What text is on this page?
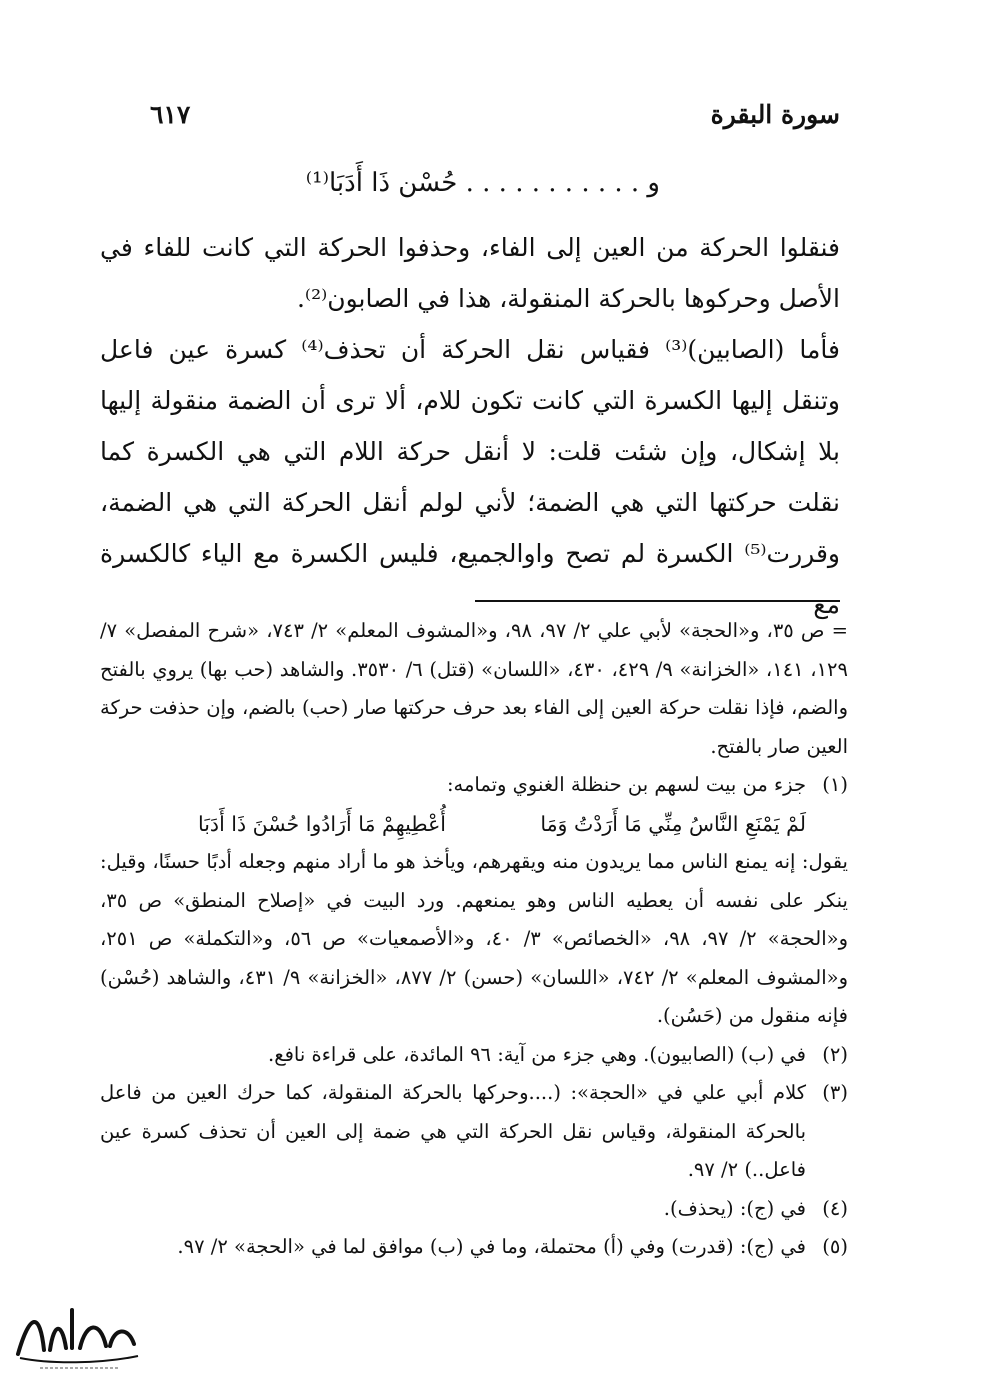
سورة البقرة
٦١٧
و . . . . . . . . . . . حُسْن ذَا أَدَبَا⁽¹⁾

فنقلوا الحركة من العين إلى الفاء، وحذفوا الحركة التي كانت للفاء في الأصل وحركوها بالحركة المنقولة، هذا في الصابون⁽²⁾.

فأما (الصابين)⁽³⁾ فقياس نقل الحركة أن تحذف⁽⁴⁾ كسرة عين فاعل وتنقل إليها الكسرة التي كانت تكون للام، ألا ترى أن الضمة منقولة إليها بلا إشكال، وإن شئت قلت: لا أنقل حركة اللام التي هي الكسرة كما نقلت حركتها التي هي الضمة؛ لأني لولم أنقل الحركة التي هي الضمة، وقررت⁽⁵⁾ الكسرة لم تصح واوالجميع، فليس الكسرة مع الياء كالكسرة مع

= ص ٣٥، و«الحجة» لأبي علي ٢/ ٩٧، ٩٨، و«المشوف المعلم» ٢/ ٧٤٣، «شرح المفصل» ٧/ ١٢٩، ١٤١، «الخزانة» ٩/ ٤٢٩، ٤٣٠، «اللسان» (قتل) ٦/ ٣٥٣٠. والشاهد (حب بها) يروي بالفتح والضم، فإذا نقلت حركة العين إلى الفاء بعد حرف حركتها صار (حب) بالضم، وإن حذفت حركة العين صار بالفتح.

(١)

جزء من بيت لسهم بن حنظلة الغنوي وتمامه:

لَمْ يَمْنَعِ النَّاسُ مِنِّي مَا أَرَدْتُ وَمَاأُعْطِيهِمْ مَا أَرَادُوا حُسْنَ ذَا أَدَبَا

يقول: إنه يمنع الناس مما يريدون منه ويقهرهم، ويأخذ هو ما أراد منهم وجعله أدبًا حسنًا، وقيل: ينكر على نفسه أن يعطيه الناس وهو يمنعهم. ورد البيت في «إصلاح المنطق» ص ٣٥، و«الحجة» ٢/ ٩٧، ٩٨، «الخصائص» ٣/ ٤٠، و«الأصمعيات» ص ٥٦، و«التكملة» ص ٢٥١، و«المشوف المعلم» ٢/ ٧٤٢، «اللسان» (حسن) ٢/ ٨٧٧، «الخزانة» ٩/ ٤٣١، والشاهد (حُسْن) فإنه منقول من (حَسُن).

(٢)

في (ب) (الصابيون). وهي جزء من آية: ٩٦ المائدة، على قراءة نافع.

(٣)

كلام أبي علي في «الحجة»: (....وحركها بالحركة المنقولة، كما حرك العين من فاعل بالحركة المنقولة، وقياس نقل الحركة التي هي ضمة إلى العين أن تحذف كسرة عين فاعل..) ٢/ ٩٧.

(٤)

في (ج): (يحذف).

(٥)

في (ج): (قدرت) وفي (أ) محتملة، وما في (ب) موافق لما في «الحجة» ٢/ ٩٧.
